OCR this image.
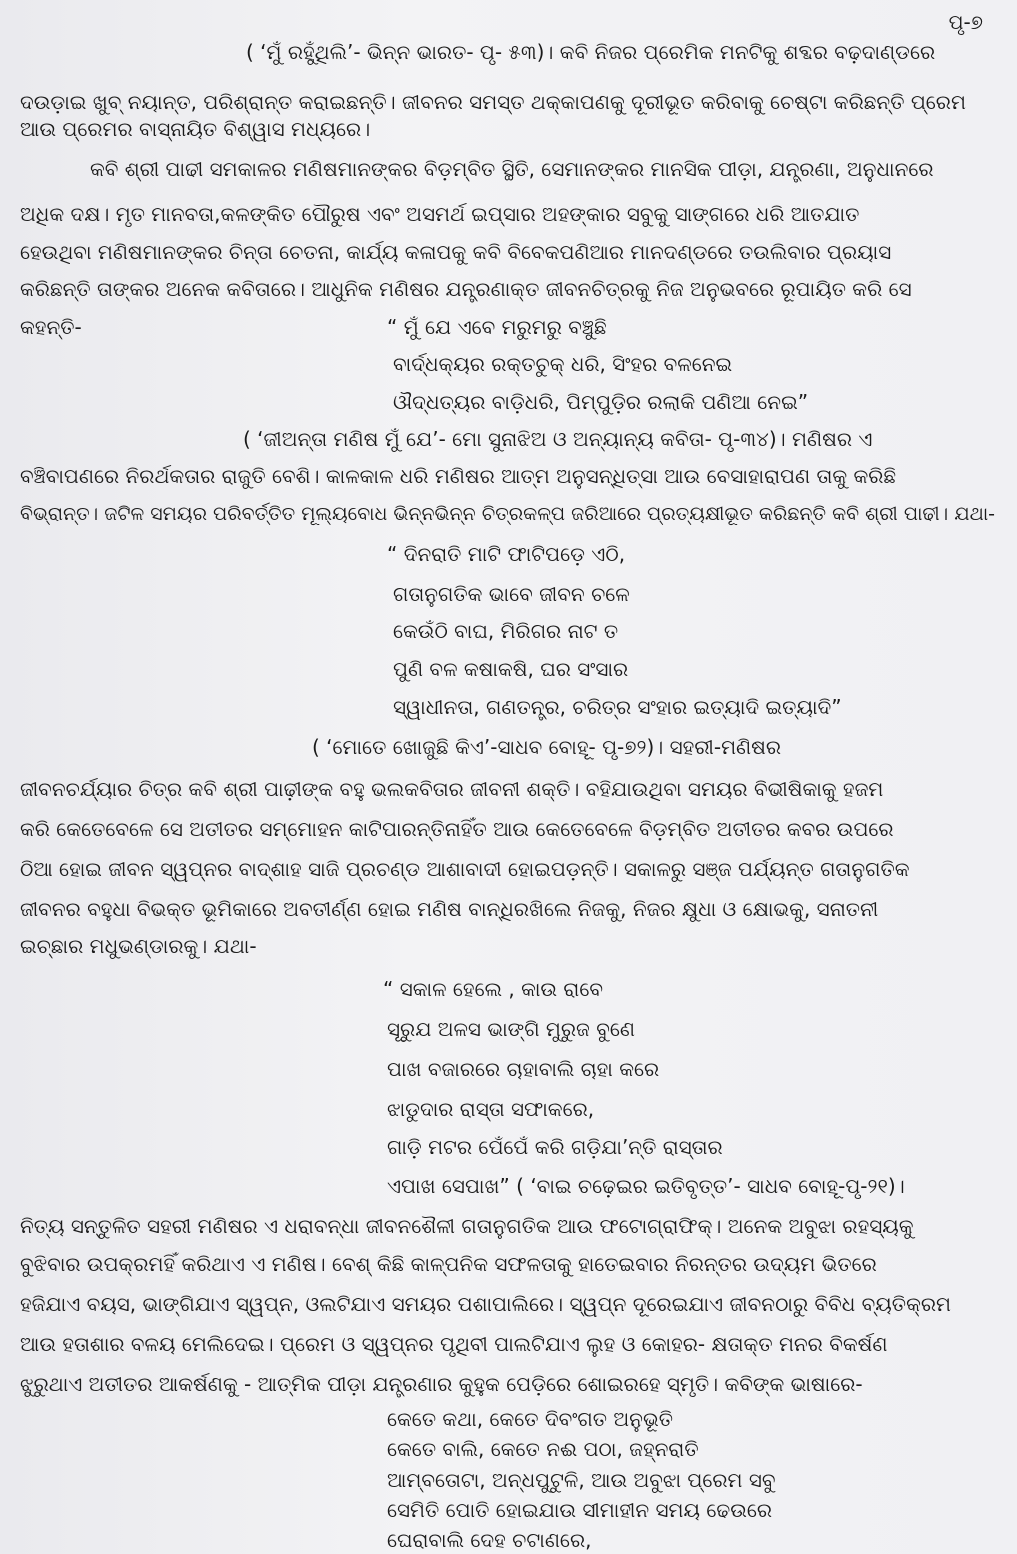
ପୃ-୭
( ‘ମୁଁ ରହୁଁଥିଲି’- ଭିନ୍ନ ଭାରତ- ପୃ- ୫୩)। କବି ନିଜର ପ୍ରେମିକ ମନଟିକୁ ଶବ୍ଦର ବଢ଼ଦାଣ୍ଡରେ
ଦଉଡ଼ାଇ ଖୁବ୍ ନୟାନ୍ତ, ପରିଶ୍ରାନ୍ତ କରାଇଛନ୍ତି। ଜୀବନର ସମସ୍ତ ଥକ୍କାପଣକୁ ଦୂରୀଭୂତ କରିବାକୁ ଚେଷ୍ଟା କରିଛନ୍ତି ପ୍ରେମ
ଆଉ ପ୍ରେମର ବାସ୍ନାୟିତ ବିଶ୍ୱାସ ମଧ୍ୟରେ।
କବି ଶ୍ରୀ ପାଢୀ ସମକାଳର ମଣିଷମାନଙ୍କର ବିଡ଼ମ୍ବିତ ସ୍ଥିତି, ସେମାନଙ୍କର ମାନସିକ ପୀଡ଼ା, ଯନ୍ତ୍ରଣା, ଅନୁଧାନରେ
ଅଧିକ ଦକ୍ଷ। ମୃତ ମାନବତା,କଳଙ୍କିତ ପୌରୁଷ ଏବଂ ଅସମର୍ଥ ଇପ୍ସାର ଅହଙ୍କାର ସବୁକୁ ସାଙ୍ଗରେ ଧରି ଆତଯାତ
ହେଉଥିବା ମଣିଷମାନଙ୍କର ଚିନ୍ତା ଚେତନା, କାର୍ଯ୍ୟ କଳାପକୁ କବି ବିବେକପଣିଆର ମାନଦଣ୍ଡରେ ତଉଲିବାର ପ୍ରୟାସ
କରିଛନ୍ତି ତାଙ୍କର ଅନେକ କବିତାରେ। ଆଧୁନିକ ମଣିଷର ଯନ୍ତ୍ରଣାକ୍ତ ଜୀବନଚିତ୍ରକୁ ନିଜ ଅନୁଭବରେ ରୂପାୟିତ କରି ସେ
କହନ୍ତି-	“ ମୁଁ ଯେ ଏବେ ମରୁମରୁ ବଞ୍ଚୁଛି
ବାର୍ଦ୍ଧକ୍ୟର ରକ୍ତଚୁକ୍ ଧରି, ସିଂହର ବଳନେଇ
ଔଦ୍ଧତ୍ୟର ବାଡ଼ିଧରି, ପିମ୍ପୁଡ଼ିର ରଲାକି ପଣିଆ ନେଇ”
( ‘ଜୀଅନ୍ତା ମଣିଷ ମୁଁ ଯେ’- ମୋ ସୁନାଝିଅ ଓ ଅନ୍ୟାନ୍ୟ କବିତା- ପୃ-୩୪)। ମଣିଷର ଏ
ବଞ୍ଚିବାପଣରେ ନିରର୍ଥକତାର ରାଜୁତି ବେଶି। କାଳକାଳ ଧରି ମଣିଷର ଆତ୍ମ ଅନୁସନ୍ଧିତ୍ସା ଆଉ ବେସାହାରାପଣ ତାକୁ କରିଛି
ବିଭ୍ରାନ୍ତ। ଜଟିଳ ସମୟର ପରିବର୍ତ୍ତିତ ମୂଲ୍ୟବୋଧ ଭିନ୍ନଭିନ୍ନ ଚିତ୍ରକଳ୍ପ ଜରିଆରେ ପ୍ରତ୍ୟକ୍ଷୀଭୂତ କରିଛନ୍ତି କବି ଶ୍ରୀ ପାଢୀ। ଯଥା-
“ ଦିନରାତି ମାଟି ଫାଟିପଡ଼େ ଏଠି,
ଗତାନୁଗତିକ ଭାବେ ଜୀବନ ଚଳେ
କେଉଁଠି ବାଘ, ମିରିଗର ନାଟ ତ
ପୁଣି ବଳ କଷାକଷି, ଘର ସଂସାର
ସ୍ୱାଧୀନତା, ଗଣତନ୍ତ୍ର, ଚରିତ୍ର ସଂହାର ଇତ୍ୟାଦି ଇତ୍ୟାଦି”
( ‘ମୋତେ ଖୋଜୁଛି କିଏ’-ସାଧବ ବୋହୂ- ପୃ-୭୨)। ସହରୀ-ମଣିଷର
ଜୀବନଚର୍ଯ୍ୟାର ଚିତ୍ର କବି ଶ୍ରୀ ପାଢ଼ୀଙ୍କ ବହୁ ଭଲକବିତାର ଜୀବନୀ ଶକ୍ତି। ବହିଯାଉଥିବା ସମୟର ବିଭୀଷିକାକୁ ହଜମ
କରି କେତେବେଳେ ସେ ଅତୀତର ସମ୍ମୋହନ କାଟିପାରନ୍ତିନାହିଁତ ଆଉ କେତେବେଳେ ବିଡ଼ମ୍ବିତ ଅତୀତର କବର ଉପରେ
ଠିଆ ହୋଇ ଜୀବନ ସ୍ୱପ୍ନର ବାଦ୍‌ଶାହ ସାଜି ପ୍ରଚଣ୍ଡ ଆଶାବାଦୀ ହୋଇପଡ଼ନ୍ତି। ସକାଳରୁ ସଞ୍ଜ ପର୍ଯ୍ୟନ୍ତ ଗତାନୁଗତିକ
ଜୀବନର ବହୁଧା ବିଭକ୍ତ ଭୂମିକାରେ ଅବତୀର୍ଣ୍ଣ ହୋଇ ମଣିଷ ବାନ୍ଧିରଖିଲେ ନିଜକୁ, ନିଜର କ୍ଷୁଧା ଓ କ୍ଷୋଭକୁ, ସନାତନୀ
ଇଚ୍ଛାର ମଧୁଭଣ୍ଡାରକୁ। ଯଥା-
“ ସକାଳ ହେଲେ , କାଉ ରାବେ
ସୂରୁଯ ଅଳସ ଭାଙ୍ଗି ମୁରୁଜ ବୁଣେ
ପାଖ ବଜାରରେ ଚାହାବାଲି ଚାହା କରେ
ଝାଡୁଦାର ରାସ୍ତା ସଫାକରେ,
ଗାଡ଼ି ମଟର ପେଁପେଁ କରି ଗଡ଼ିଯା’ନ୍ତି ରାସ୍ତାର
ଏପାଖ ସେପାଖ” ( ‘ବାଇ ଚଢ଼େଇର ଇତିବୃତ୍ତ’- ସାଧବ ବୋହୂ-ପୃ-୨୧)।
ନିତ୍ୟ ସନ୍ତୁଳିତ ସହରୀ ମଣିଷର ଏ ଧରାବନ୍ଧା ଜୀବନଶୈଳୀ ଗତାନୁଗତିକ ଆଉ ଫଟୋଗ୍ରାଫିକ୍। ଅନେକ ଅବୁଝା ରହସ୍ୟକୁ
ବୁଝିବାର ଉପକ୍ରମହିଁ କରିଥାଏ ଏ ମଣିଷ। ବେଶ୍ କିଛି କାଳ୍ପନିକ ସଫଳତାକୁ ହାତେଇବାର ନିରନ୍ତର ଉଦ୍ୟମ ଭିତରେ
ହଜିଯାଏ ବୟସ, ଭାଙ୍ଗିଯାଏ ସ୍ୱପ୍ନ, ଓଲଟିଯାଏ ସମୟର ପଶାପାଲିରେ। ସ୍ୱପ୍ନ ଦୂରେଇଯାଏ ଜୀବନଠାରୁ ବିବିଧ ବ୍ୟତିକ୍ରମ
ଆଉ ହତାଶାର ବଳୟ ମେଲିଦେଇ। ପ୍ରେମ ଓ ସ୍ୱପ୍ନର ପୃଥିବୀ ପାଲଟିଯାଏ ଲୁହ ଓ କୋହର- କ୍ଷତାକ୍ତ ମନର ବିକର୍ଷଣ
ଝୁରୁଥାଏ ଅତୀତର ଆକର୍ଷଣକୁ - ଆତ୍ମିକ ପୀଡ଼ା ଯନ୍ତ୍ରଣାର କୁହୁକ ପେଡ଼ିରେ ଶୋଇରହେ ସ୍ମୃତି। କବିଙ୍କ ଭାଷାରେ-
କେତେ କଥା, କେତେ ଦିବଂଗତ ଅନୁଭୂତି
କେତେ ବାଲି, କେତେ ନଈ ପଠା, ଜହ୍ନରାତି
ଆମ୍ବତୋଟା, ଅନ୍ଧପୁଟୁଳି, ଆଉ ଅବୁଝା ପ୍ରେମ ସବୁ
ସେମିତି ପୋତି ହୋଇଯାଉ ସୀମାହୀନ ସମୟ ଢେଉରେ
ଘେରାବାଲି ଦେହ ଚଟାଣରେ,
